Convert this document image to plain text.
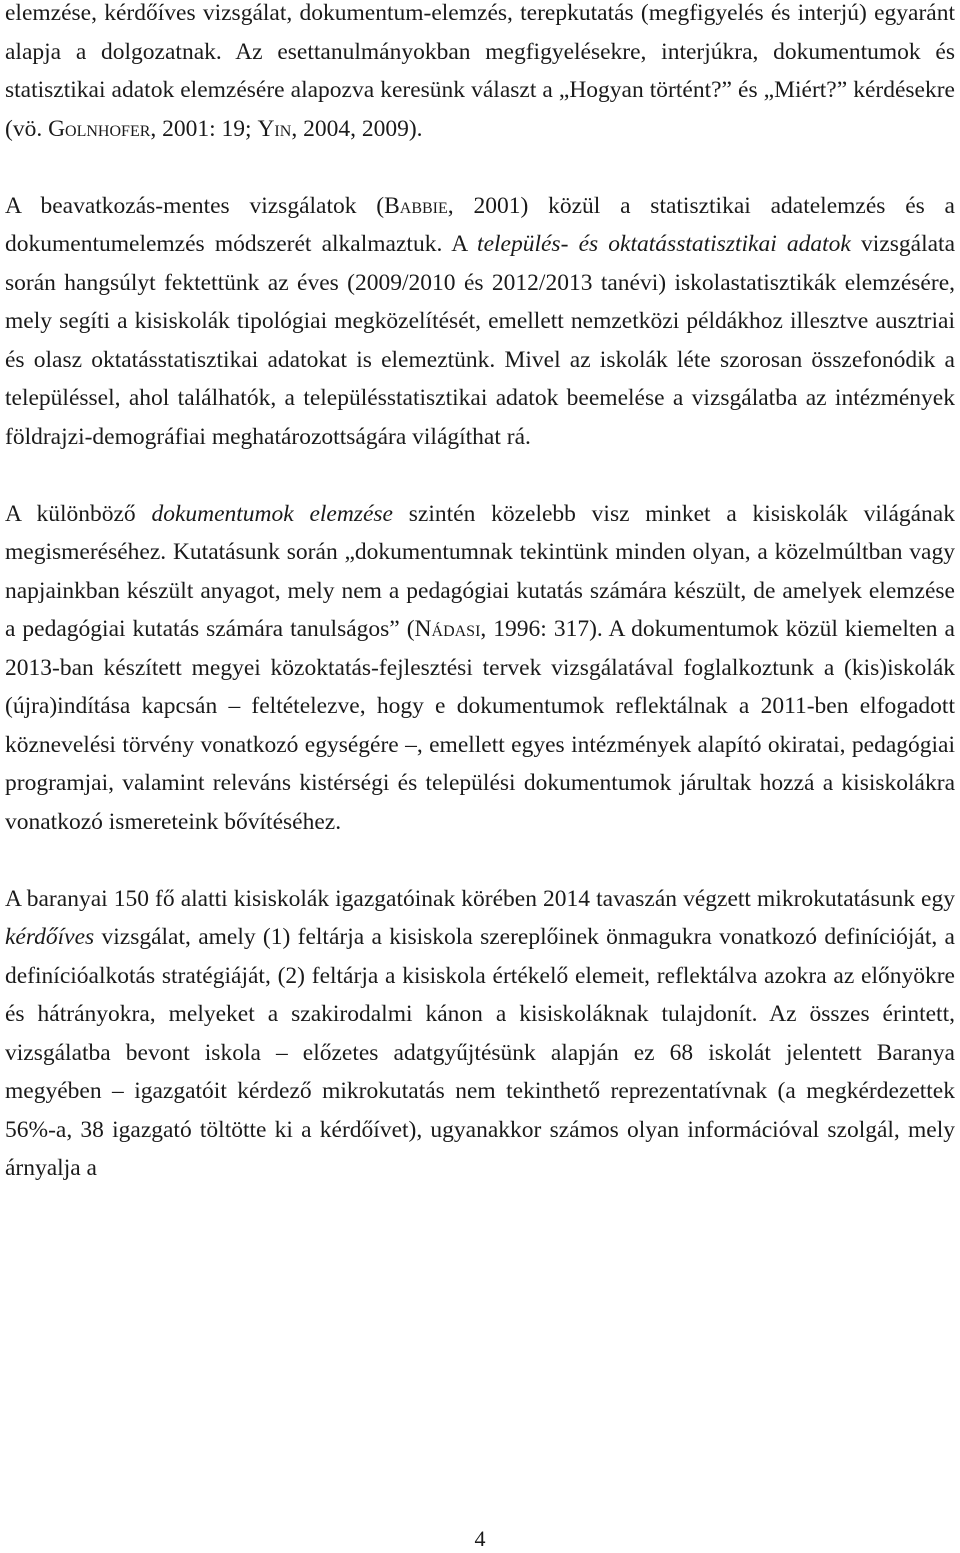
elemzése, kérdőíves vizsgálat, dokumentum-elemzés, terepkutatás (megfigyelés és interjú) egyaránt alapja a dolgozatnak. Az esettanulmányokban megfigyelésekre, interjúkra, dokumentumok és statisztikai adatok elemzésére alapozva keresünk választ a „Hogyan történt?” és „Miért?” kérdésekre (vö. Golnhofer, 2001: 19; Yin, 2004, 2009).

A beavatkozás-mentes vizsgálatok (Babbie, 2001) közül a statisztikai adatelemzés és a dokumentumelemzés módszerét alkalmaztuk. A település- és oktatásstatisztikai adatok vizsgálata során hangsúlyt fektettünk az éves (2009/2010 és 2012/2013 tanévi) iskolastatisztikák elemzésére, mely segíti a kisiskolák tipológiai megközelítését, emellett nemzetközi példákhoz illesztve ausztriai és olasz oktatásstatisztikai adatokat is elemeztünk. Mivel az iskolák léte szorosan összefonódik a településsel, ahol találhatók, a településstatisztikai adatok beemelése a vizsgálatba az intézmények földrajzi-demográfiai meghatározottságára világíthat rá.

A különböző dokumentumok elemzése szintén közelebb visz minket a kisiskolák világának megismeréséhez. Kutatásunk során „dokumentumnak tekintünk minden olyan, a közelmúltban vagy napjainkban készült anyagot, mely nem a pedagógiai kutatás számára készült, de amelyek elemzése a pedagógiai kutatás számára tanulságos” (Nádasi, 1996: 317). A dokumentumok közül kiemelten a 2013-ban készített megyei közoktatás-fejlesztési tervek vizsgálatával foglalkoztunk a (kis)iskolák (újra)indítása kapcsán – feltételezve, hogy e dokumentumok reflektálnak a 2011-ben elfogadott köznevelési törvény vonatkozó egységére –, emellett egyes intézmények alapító okiratai, pedagógiai programjai, valamint releváns kistérségi és települési dokumentumok járultak hozzá a kisiskolákra vonatkozó ismereteink bővítéséhez.

A baranyai 150 fő alatti kisiskolák igazgatóinak körében 2014 tavaszán végzett mikrokutatásunk egy kérdőíves vizsgálat, amely (1) feltárja a kisiskola szereplőinek önmagukra vonatkozó definícióját, a definícióalkotás stratégiáját, (2) feltárja a kisiskola értékelő elemeit, reflektálva azokra az előnyökre és hátrányokra, melyeket a szakirodalmi kánon a kisiskoláknak tulajdonít. Az összes érintett, vizsgálatba bevont iskola – előzetes adatgyűjtésünk alapján ez 68 iskolát jelentett Baranya megyében – igazgatóit kérdező mikrokutatás nem tekinthető reprezentatívnak (a megkérdezettek 56%-a, 38 igazgató töltötte ki a kérdőívet), ugyanakkor számos olyan információval szolgál, mely árnyalja a

4
